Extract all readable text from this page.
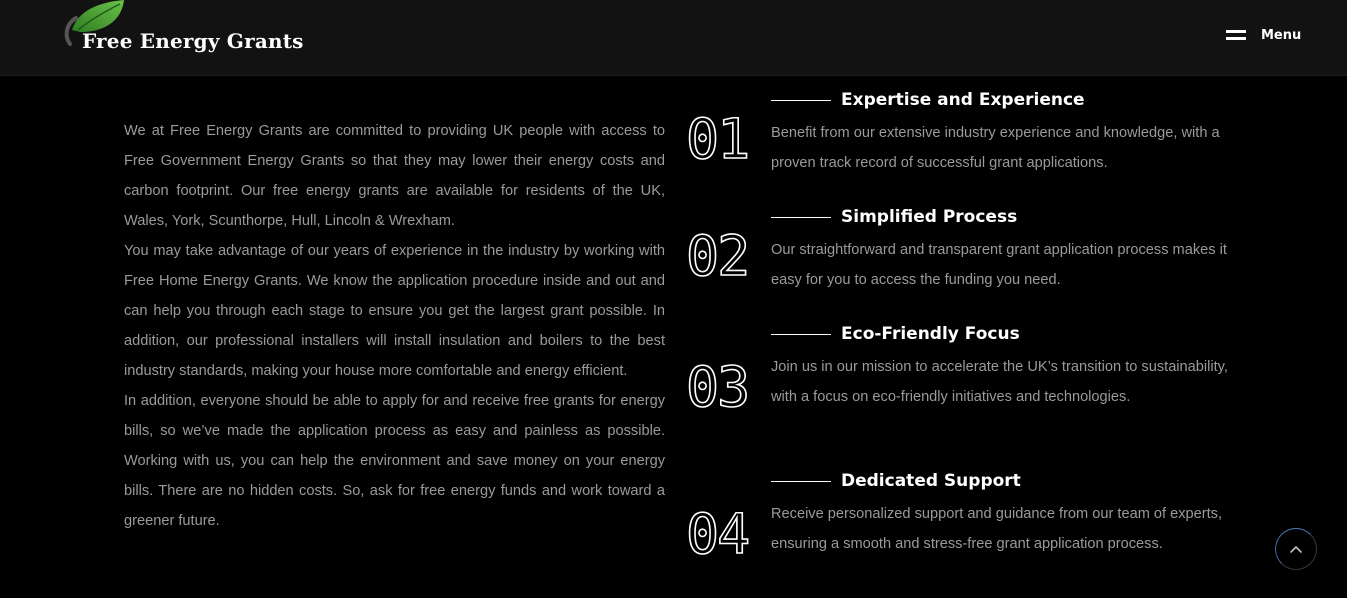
Free Energy Grants	Menu

We at Free Energy Grants are committed to providing UK people with access to Free Government Energy Grants so that they may lower their energy costs and carbon footprint. Our free energy grants are available for residents of the UK, Wales, York, Scunthorpe, Hull, Lincoln & Wrexham.

You may take advantage of our years of experience in the industry by working with Free Home Energy Grants. We know the application procedure inside and out and can help you through each stage to ensure you get the largest grant possible. In addition, our professional installers will install insulation and boilers to the best industry standards, making your house more comfortable and energy efficient.

In addition, everyone should be able to apply for and receive free grants for energy bills, so we’ve made the application process as easy and painless as possible. Working with us, you can help the environment and save money on your energy bills. There are no hidden costs. So, ask for free energy funds and work toward a greener future.

01
Expertise and Experience
Benefit from our extensive industry experience and knowledge, with a proven track record of successful grant applications.
02
Simplified Process
Our straightforward and transparent grant application process makes it easy for you to access the funding you need.
03
Eco-Friendly Focus
Join us in our mission to accelerate the UK’s transition to sustainability, with a focus on eco-friendly initiatives and technologies.
04
Dedicated Support
Receive personalized support and guidance from our team of experts, ensuring a smooth and stress-free grant application process.
